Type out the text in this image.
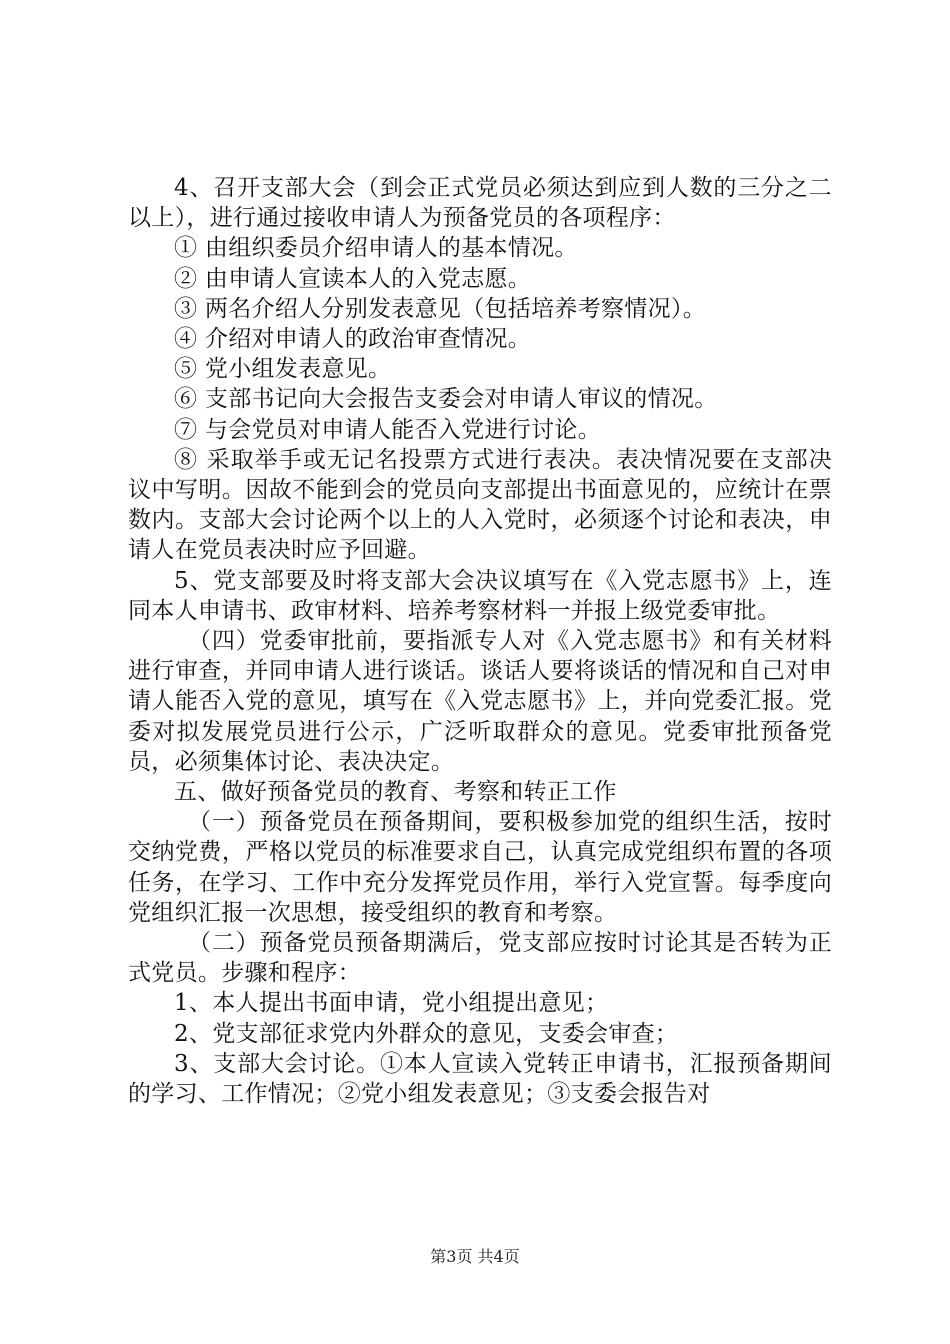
4、召开支部大会（到会正式党员必须达到应到人数的三分之二以上），进行通过接收申请人为预备党员的各项程序：

① 由组织委员介绍申请人的基本情况。

② 由申请人宣读本人的入党志愿。

③ 两名介绍人分别发表意见（包括培养考察情况）。

④ 介绍对申请人的政治审查情况。

⑤ 党小组发表意见。

⑥ 支部书记向大会报告支委会对申请人审议的情况。

⑦ 与会党员对申请人能否入党进行讨论。

⑧ 采取举手或无记名投票方式进行表决。表决情况要在支部决议中写明。因故不能到会的党员向支部提出书面意见的，应统计在票数内。支部大会讨论两个以上的人入党时，必须逐个讨论和表决，申请人在党员表决时应予回避。

5、党支部要及时将支部大会决议填写在《入党志愿书》上，连同本人申请书、政审材料、培养考察材料一并报上级党委审批。

（四）党委审批前，要指派专人对《入党志愿书》和有关材料进行审查，并同申请人进行谈话。谈话人要将谈话的情况和自己对申请人能否入党的意见，填写在《入党志愿书》上，并向党委汇报。党委对拟发展党员进行公示，广泛听取群众的意见。党委审批预备党员，必须集体讨论、表决决定。

五、做好预备党员的教育、考察和转正工作

（一）预备党员在预备期间，要积极参加党的组织生活，按时交纳党费，严格以党员的标准要求自己，认真完成党组织布置的各项任务，在学习、工作中充分发挥党员作用，举行入党宣誓。每季度向党组织汇报一次思想，接受组织的教育和考察。

（二）预备党员预备期满后，党支部应按时讨论其是否转为正式党员。步骤和程序：

1、本人提出书面申请，党小组提出意见；

2、党支部征求党内外群众的意见，支委会审查；

3、支部大会讨论。①本人宣读入党转正申请书，汇报预备期间的学习、工作情况；②党小组发表意见；③支委会报告对

第3页 共4页
